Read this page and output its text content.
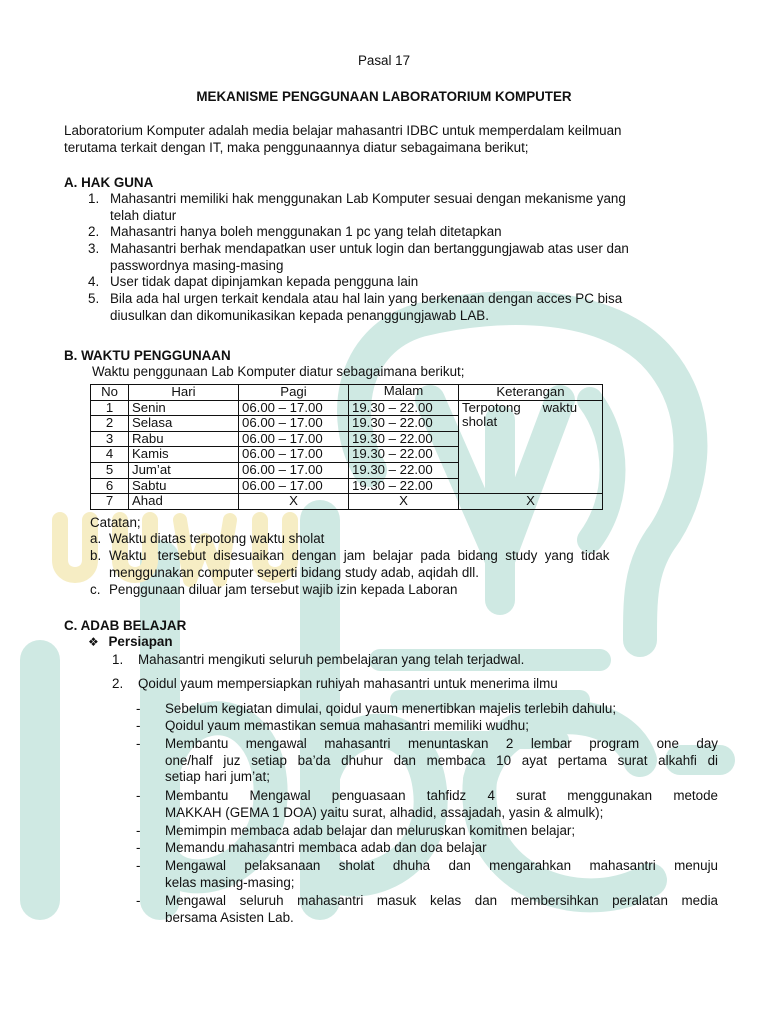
Pasal 17
MEKANISME PENGGUNAAN LABORATORIUM KOMPUTER
Laboratorium Komputer adalah media belajar mahasantri IDBC untuk memperdalam keilmuan
terutama terkait dengan IT, maka penggunaannya diatur sebagaimana berikut;
A. HAK GUNA
1. Mahasantri memiliki hak menggunakan Lab Komputer sesuai dengan mekanisme yang
telah diatur
2. Mahasantri hanya boleh menggunakan 1 pc yang telah ditetapkan
3. Mahasantri berhak mendapatkan user untuk login dan bertanggungjawab atas user dan
passwordnya masing-masing
4. User tidak dapat dipinjamkan kepada pengguna lain
5. Bila ada hal urgen terkait kendala atau hal lain yang berkenaan dengan acces PC bisa
diusulkan dan dikomunikasikan kepada penanggungjawab LAB.
B. WAKTU PENGGUNAAN
Waktu penggunaan Lab Komputer diatur sebagaimana berikut;
No	Hari	Pagi	Malam	Keterangan
1	Senin	06.00 – 17.00	19.30 – 22.00	Terpotong      waktu
sholat

2	Selasa	06.00 – 17.00	19.30 – 22.00	
3	Rabu	06.00 – 17.00	19.30 – 22.00	
4	Kamis	06.00 – 17.00	19.30 – 22.00	
5	Jum’at	06.00 – 17.00	19.30 – 22.00	
6	Sabtu	06.00 – 17.00	19.30 – 22.00	
7	Ahad	X	X	X
Catatan;
a. Waktu diatas terpotong waktu sholat
b. Waktu   tersebut  disesuaikan  dengan  jam  belajar  pada  bidang  study  yang  tidak
menggunakan computer seperti bidang study adab, aqidah dll.
c. Penggunaan diluar jam tersebut wajib izin kepada Laboran
C. ADAB BELAJAR
❖ Persiapan
1. Mahasantri mengikuti seluruh pembelajaran yang telah terjadwal.
2. Qoidul yaum mempersiapkan ruhiyah mahasantri untuk menerima ilmu
- Sebelum kegiatan dimulai, qoidul yaum menertibkan majelis terlebih dahulu;
- Qoidul yaum memastikan semua mahasantri memiliki wudhu;
- Membantu mengawal mahasantri menuntaskan 2 lembar program one day
one/half juz setiap ba’da dhuhur dan membaca 10 ayat pertama surat alkahfi di
setiap hari jum’at;
- Membantu Mengawal penguasaan tahfidz 4 surat menggunakan metode
MAKKAH (GEMA 1 DOA) yaitu surat, alhadid, assajadah, yasin & almulk);
- Memimpin membaca adab belajar dan meluruskan komitmen belajar;
- Memandu mahasantri membaca adab dan doa belajar
- Mengawal pelaksanaan sholat dhuha dan mengarahkan mahasantri menuju
kelas masing-masing;
- Mengawal seluruh mahasantri masuk kelas dan membersihkan peralatan media
bersama Asisten Lab.
